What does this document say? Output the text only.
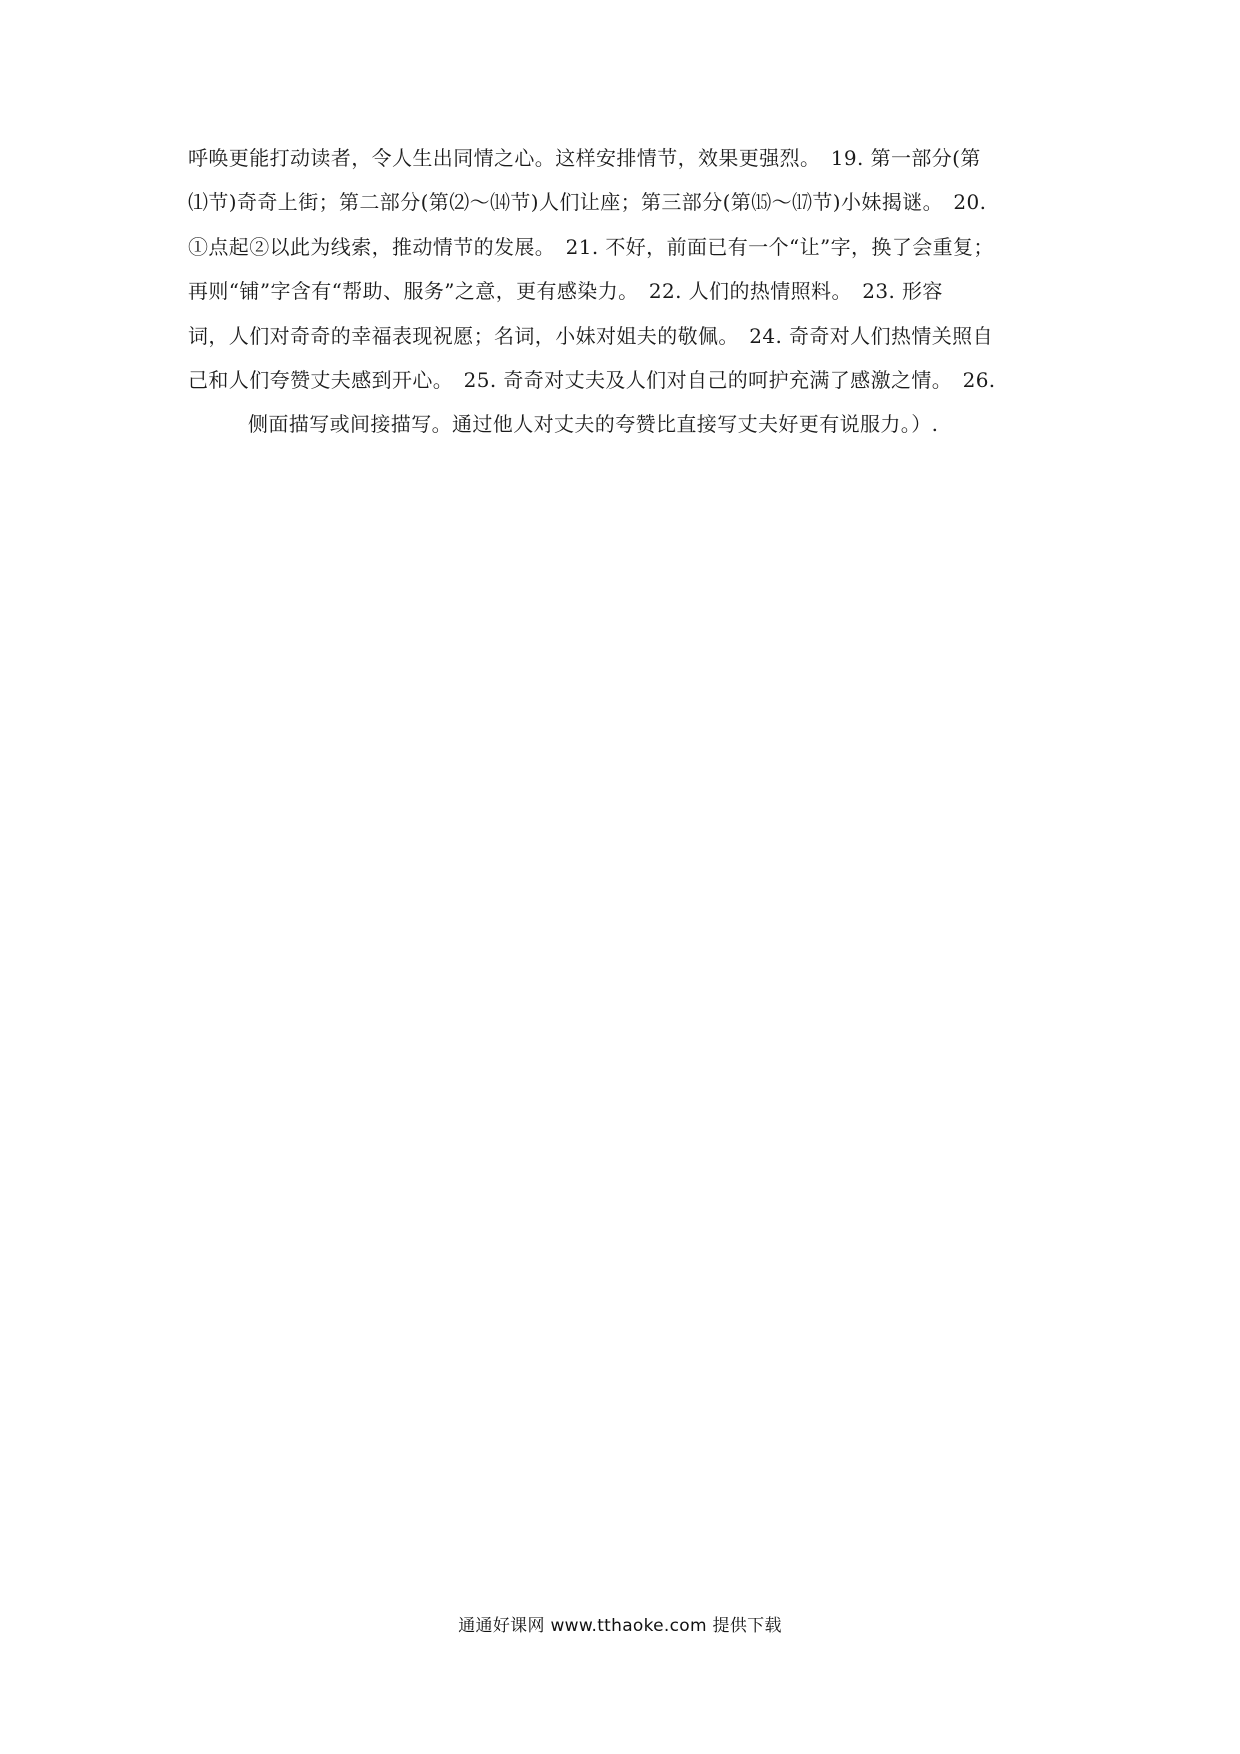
呼唤更能打动读者，令人生出同情之心。这样安排情节，效果更强烈。　19. 第一部分(第
⑴节)奇奇上街；第二部分(第⑵～⒁节)人们让座；第三部分(第⒂～⒄节)小妹揭谜。　20.
①点起②以此为线索，推动情节的发展。　21. 不好，前面已有一个“让”字，换了会重复；
再则“铺”字含有“帮助、服务”之意，更有感染力。　22. 人们的热情照料。　23. 形容
词，人们对奇奇的幸福表现祝愿；名词，小妹对姐夫的敬佩。　24. 奇奇对人们热情关照自
己和人们夸赞丈夫感到开心。　25. 奇奇对丈夫及人们对自己的呵护充满了感激之情。　26.
侧面描写或间接描写。通过他人对丈夫的夸赞比直接写丈夫好更有说服力。）.
通通好课网 www.tthaoke.com 提供下载
